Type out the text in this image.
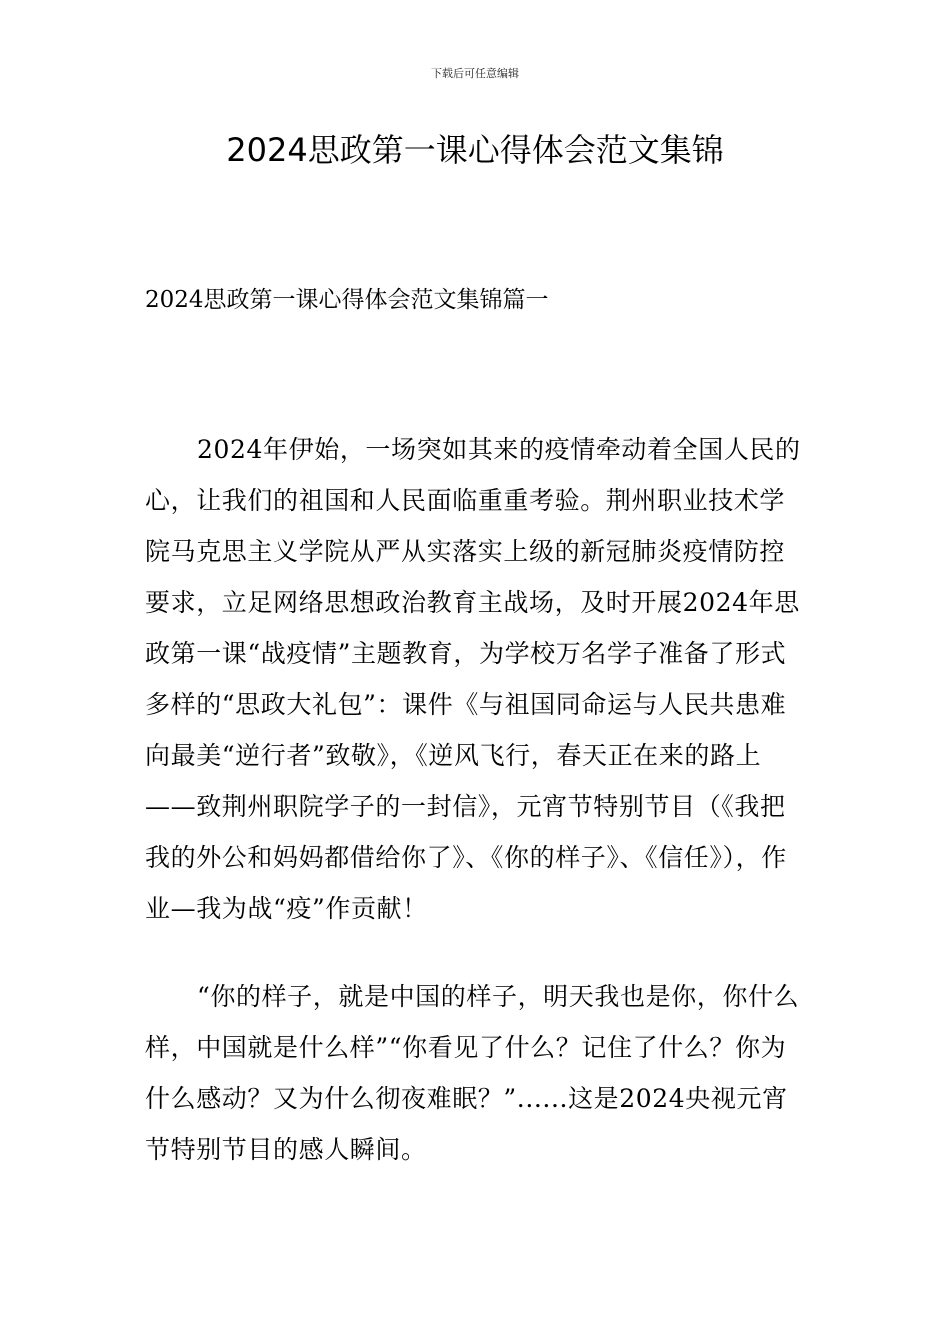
下载后可任意编辑
2024思政第一课心得体会范文集锦
2024思政第一课心得体会范文集锦篇一

2024年伊始，一场突如其来的疫情牵动着全国人民的心，让我们的祖国和人民面临重重考验。荆州职业技术学院马克思主义学院从严从实落实上级的新冠肺炎疫情防控要求，立足网络思想政治教育主战场，及时开展2024年思政第一课“战疫情”主题教育，为学校万名学子准备了形式多样的“思政大礼包”：课件《与祖国同命运与人民共患难向最美“逆行者”致敬》，《逆风飞行，春天正在来的路上——致荆州职院学子的一封信》，元宵节特别节目（《我把我的外公和妈妈都借给你了》、《你的样子》、《信任》），作业—我为战“疫”作贡献！

“你的样子，就是中国的样子，明天我也是你，你什么样，中国就是什么样”“你看见了什么？记住了什么？你为什么感动？又为什么彻夜难眠？”......这是2024央视元宵节特别节目的感人瞬间。
